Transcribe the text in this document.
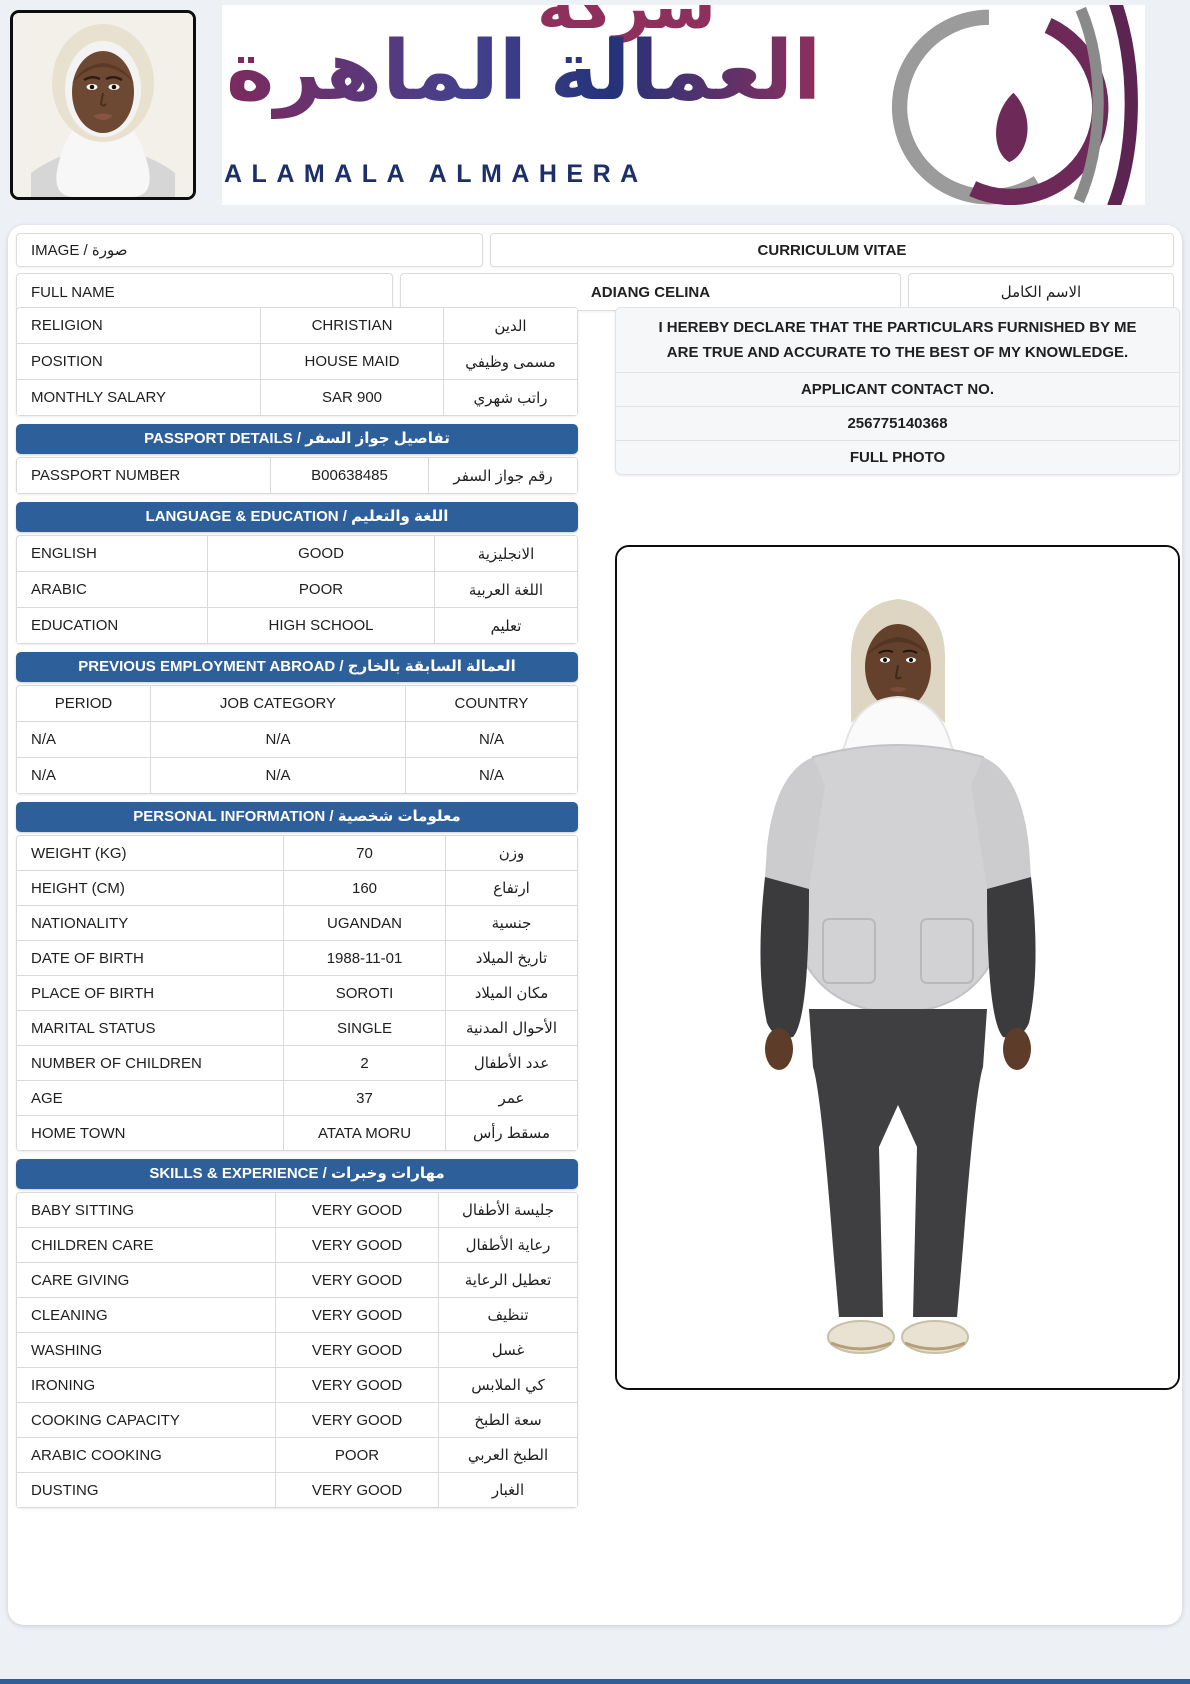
العمالة الماهرة
ALAMALA ALMAHERA
IMAGE / صورة	CURRICULUM VITAE
FULL NAME	ADIANG CELINA	الاسم الكامل
RELIGION	CHRISTIAN	الدين
POSITION	HOUSE MAID	مسمى وظيفي
MONTHLY SALARY	SAR 900	راتب شهري
PASSPORT DETAILS / تفاصيل جواز السفر
PASSPORT NUMBER	B00638485	رقم جواز السفر
LANGUAGE & EDUCATION / اللغة والتعليم
ENGLISH	GOOD	الانجليزية
ARABIC	POOR	اللغة العربية
EDUCATION	HIGH SCHOOL	تعليم
PREVIOUS EMPLOYMENT ABROAD / العمالة السابقة بالخارج
PERIOD	JOB CATEGORY	COUNTRY
N/A	N/A	N/A
N/A	N/A	N/A
PERSONAL INFORMATION / معلومات شخصية
WEIGHT (KG)	70	وزن
HEIGHT (CM)	160	ارتفاع
NATIONALITY	UGANDAN	جنسية
DATE OF BIRTH	1988-11-01	تاريخ الميلاد
PLACE OF BIRTH	SOROTI	مكان الميلاد
MARITAL STATUS	SINGLE	الأحوال المدنية
NUMBER OF CHILDREN	2	عدد الأطفال
AGE	37	عمر
HOME TOWN	ATATA MORU	مسقط رأس
SKILLS & EXPERIENCE / مهارات وخبرات
BABY SITTING	VERY GOOD	جليسة الأطفال
CHILDREN CARE	VERY GOOD	رعاية الأطفال
CARE GIVING	VERY GOOD	تعطيل الرعاية
CLEANING	VERY GOOD	تنظيف
WASHING	VERY GOOD	غسل
IRONING	VERY GOOD	كي الملابس
COOKING CAPACITY	VERY GOOD	سعة الطبخ
ARABIC COOKING	POOR	الطبخ العربي
DUSTING	VERY GOOD	الغبار
I HEREBY DECLARE THAT THE PARTICULARS FURNISHED BY ME ARE TRUE AND ACCURATE TO THE BEST OF MY KNOWLEDGE.
APPLICANT CONTACT NO.
256775140368
FULL PHOTO
